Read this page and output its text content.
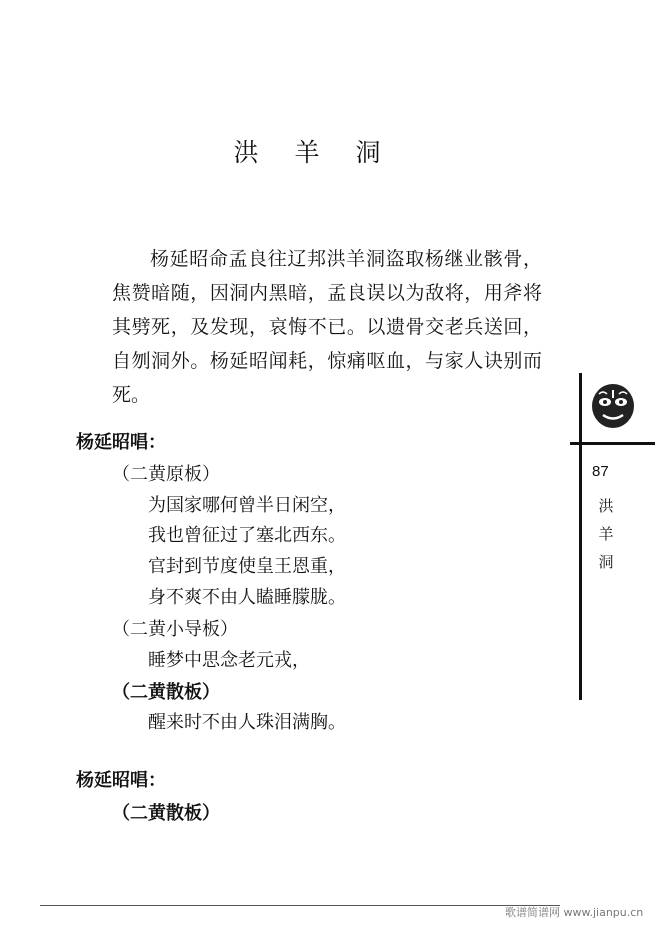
洪 羊 洞

杨延昭命孟良往辽邦洪羊洞盗取杨继业骸骨，焦赞暗随，因洞内黑暗，孟良误以为敌将，用斧将其劈死，及发现，哀悔不已。以遗骨交老兵送回，自刎洞外。杨延昭闻耗，惊痛呕血，与家人诀别而死。

杨延昭唱：
（二黄原板）
为国家哪何曾半日闲空，
我也曾征过了塞北西东。
官封到节度使皇王恩重，
身不爽不由人瞌睡朦胧。
（二黄小导板）
睡梦中思念老元戎，
（二黄散板）
醒来时不由人珠泪满胸。
杨延昭唱：
（二黄散板）
87
洪
羊
洞
歌谱简谱网 www.jianpu.cn
